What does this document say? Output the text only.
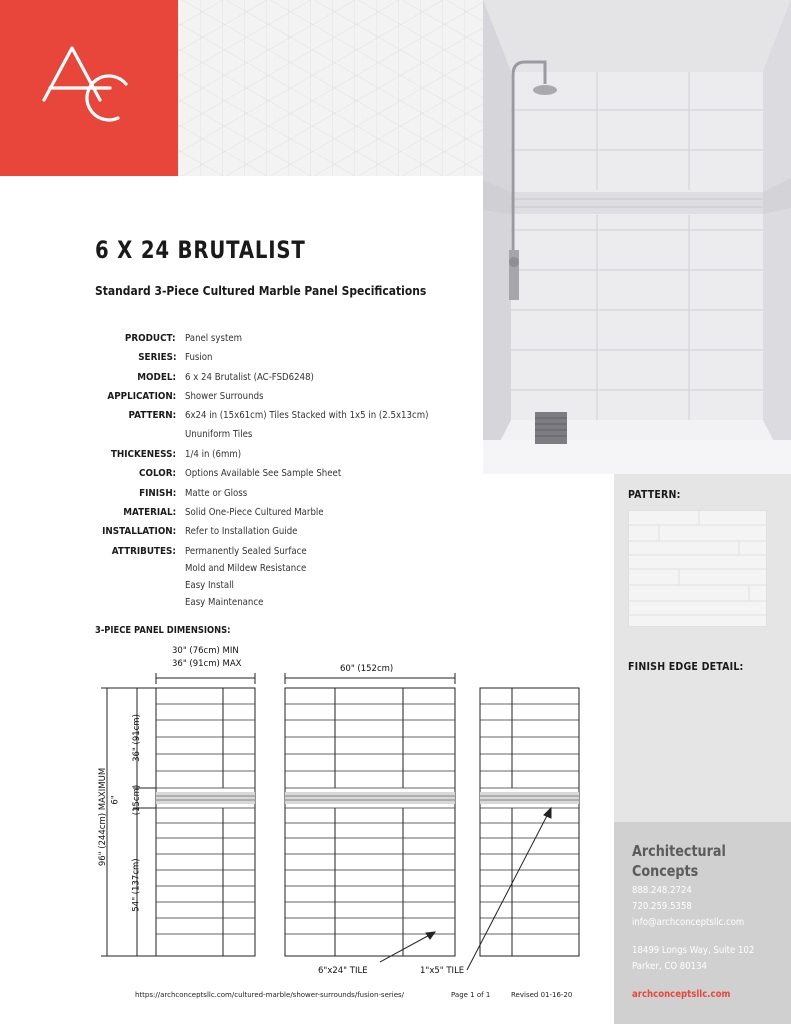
6 X 24 BRUTALIST
Standard 3-Piece Cultured Marble Panel Specifications
PRODUCT: Panel system
SERIES: Fusion
MODEL: 6 x 24 Brutalist (AC-FSD6248)
APPLICATION: Shower Surrounds
PATTERN: 6x24 in (15x61cm) Tiles Stacked with 1x5 in (2.5x13cm)
Ununiform Tiles
THICKENESS: 1/4 in (6mm)
COLOR: Options Available See Sample Sheet
FINISH: Matte or Gloss
MATERIAL: Solid One-Piece Cultured Marble
INSTALLATION: Refer to Installation Guide
ATTRIBUTES: Permanently Sealed Surface
Mold and Mildew Resistance
Easy Install
Easy Maintenance
3-PIECE PANEL DIMENSIONS:
30" (76cm) MIN
36" (91cm) MAX	60" (152cm)
96" (244cm) MAXIMUM
36" (91cm)
6" (15cm)
54" (137cm)
6"x24" TILE	1"x5" TILE
PATTERN:
FINISH EDGE DETAIL:
Architectural
Concepts
888.248.2724
720.259.5358
info@archconceptsllc.com
18499 Longs Way, Suite 102
Parker, CO 80134
archconceptsllc.com
https://archconceptsllc.com/cultured-marble/shower-surrounds/fusion-series/	Page 1 of 1	Revised 01-16-20
